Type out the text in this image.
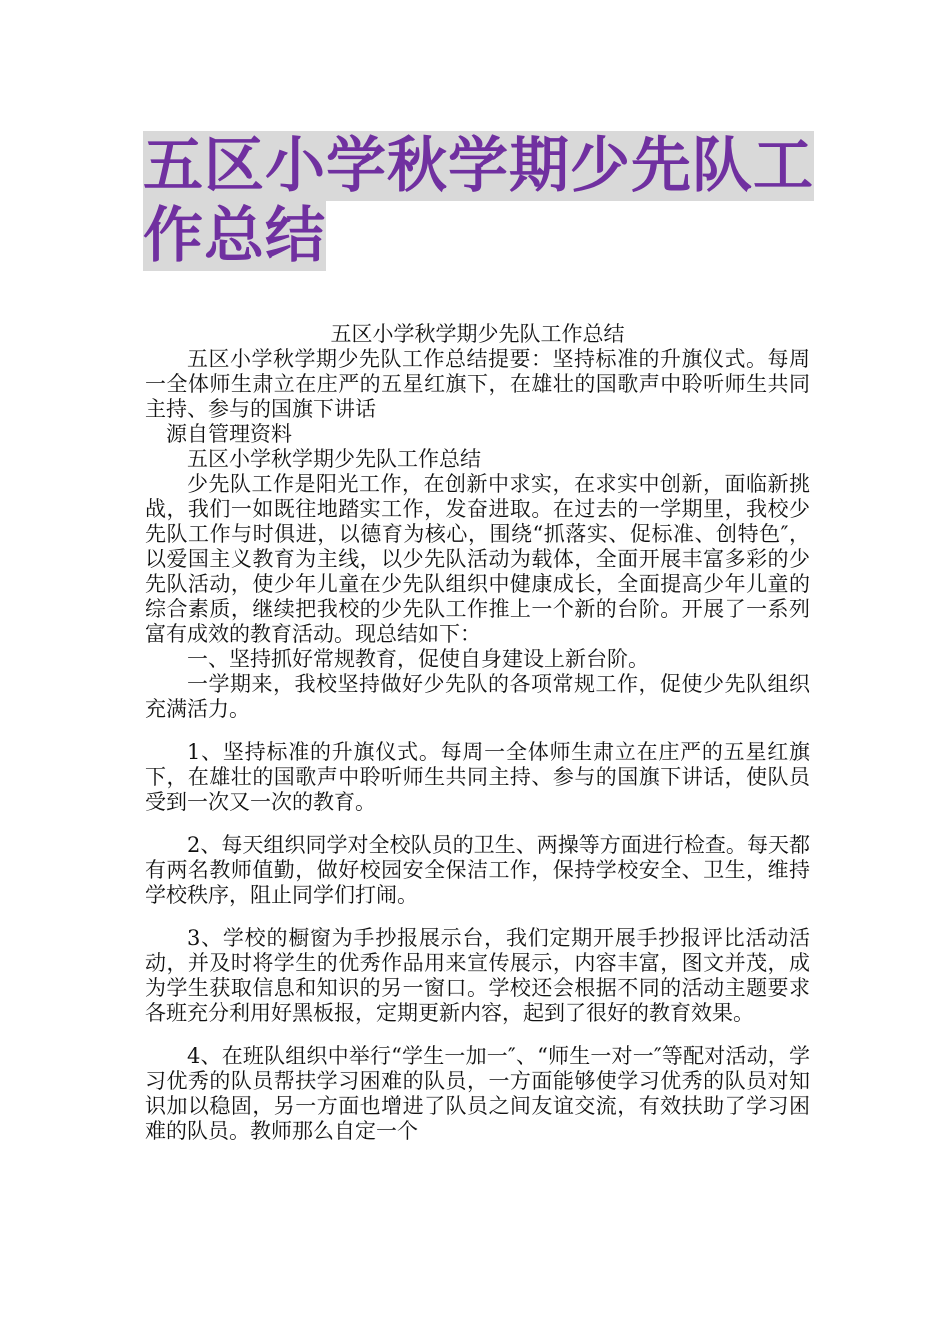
五区小学秋学期少先队工作总结

五区小学秋学期少先队工作总结

五区小学秋学期少先队工作总结提要：坚持标准的升旗仪式。每周一全体师生肃立在庄严的五星红旗下，在雄壮的国歌声中聆听师生共同主持、参与的国旗下讲话

源自管理资料

五区小学秋学期少先队工作总结

少先队工作是阳光工作，在创新中求实，在求实中创新，面临新挑战，我们一如既往地踏实工作，发奋进取。在过去的一学期里，我校少先队工作与时俱进，以德育为核心，围绕“抓落实、促标准、创特色″，以爱国主义教育为主线，以少先队活动为载体，全面开展丰富多彩的少先队活动，使少年儿童在少先队组织中健康成长，全面提高少年儿童的综合素质，继续把我校的少先队工作推上一个新的台阶。开展了一系列富有成效的教育活动。现总结如下：

一、坚持抓好常规教育，促使自身建设上新台阶。

一学期来，我校坚持做好少先队的各项常规工作，促使少先队组织充满活力。

1、坚持标准的升旗仪式。每周一全体师生肃立在庄严的五星红旗下，在雄壮的国歌声中聆听师生共同主持、参与的国旗下讲话，使队员受到一次又一次的教育。

2、每天组织同学对全校队员的卫生、两操等方面进行检查。每天都有两名教师值勤，做好校园安全保洁工作，保持学校安全、卫生，维持学校秩序，阻止同学们打闹。

3、学校的橱窗为手抄报展示台，我们定期开展手抄报评比活动活动，并及时将学生的优秀作品用来宣传展示，内容丰富，图文并茂，成为学生获取信息和知识的另一窗口。学校还会根据不同的活动主题要求各班充分利用好黑板报，定期更新内容，起到了很好的教育效果。

4、在班队组织中举行“学生一加一″、“师生一对一″等配对活动，学习优秀的队员帮扶学习困难的队员，一方面能够使学习优秀的队员对知识加以稳固，另一方面也增进了队员之间友谊交流，有效扶助了学习困难的队员。教师那么自定一个
